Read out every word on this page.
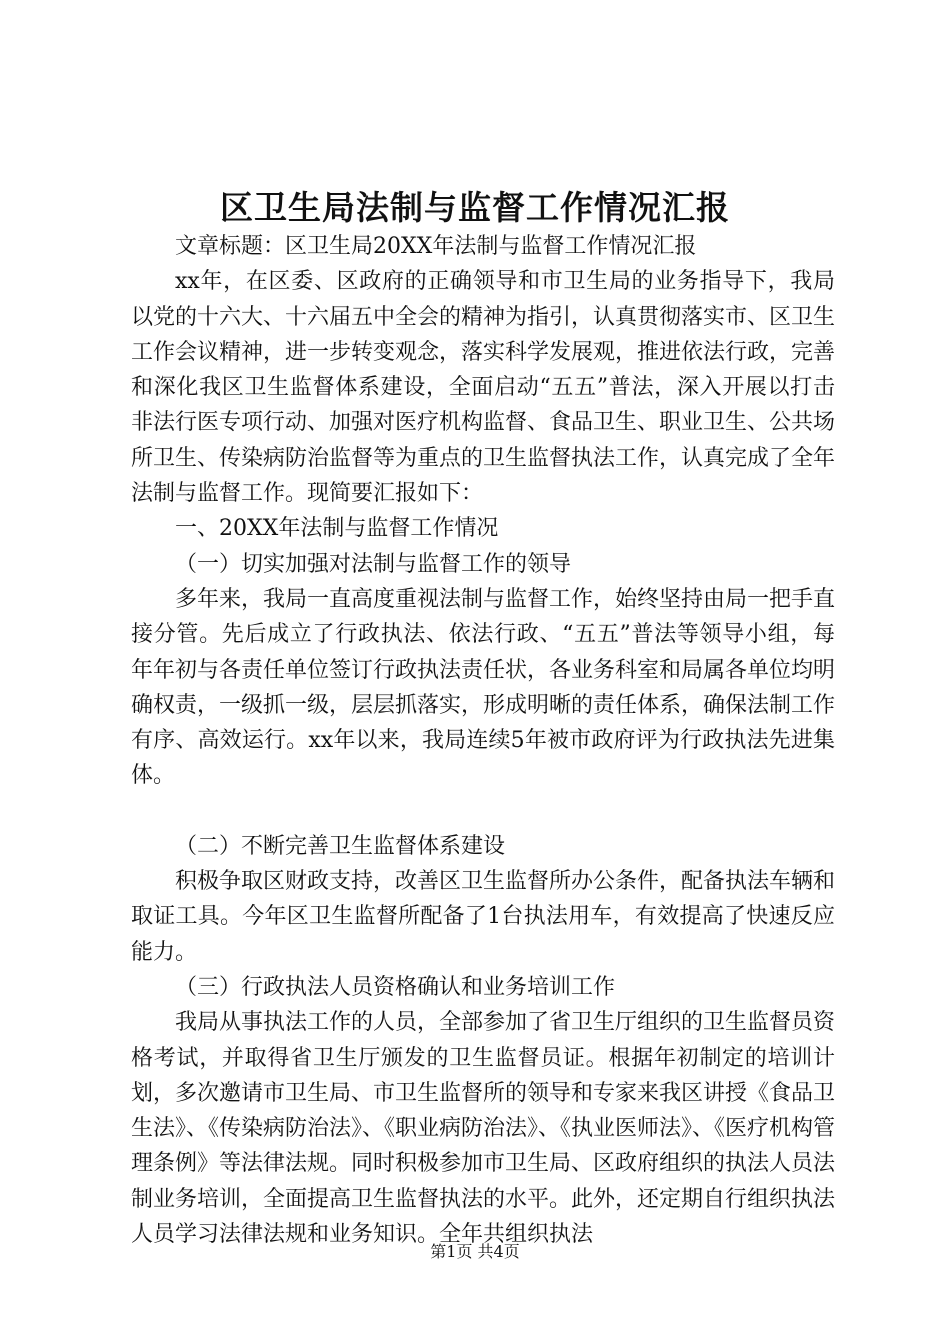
区卫生局法制与监督工作情况汇报

文章标题：区卫生局20XX年法制与监督工作情况汇报

xx年，在区委、区政府的正确领导和市卫生局的业务指导下，我局以党的十六大、十六届五中全会的精神为指引，认真贯彻落实市、区卫生工作会议精神，进一步转变观念，落实科学发展观，推进依法行政，完善和深化我区卫生监督体系建设，全面启动“五五”普法，深入开展以打击非法行医专项行动、加强对医疗机构监督、食品卫生、职业卫生、公共场所卫生、传染病防治监督等为重点的卫生监督执法工作，认真完成了全年法制与监督工作。现简要汇报如下：

一、20XX年法制与监督工作情况

（一）切实加强对法制与监督工作的领导

多年来，我局一直高度重视法制与监督工作，始终坚持由局一把手直接分管。先后成立了行政执法、依法行政、“五五”普法等领导小组，每年年初与各责任单位签订行政执法责任状，各业务科室和局属各单位均明确权责，一级抓一级，层层抓落实，形成明晰的责任体系，确保法制工作有序、高效运行。xx年以来，我局连续5年被市政府评为行政执法先进集体。

（二）不断完善卫生监督体系建设

积极争取区财政支持，改善区卫生监督所办公条件，配备执法车辆和取证工具。今年区卫生监督所配备了1台执法用车，有效提高了快速反应能力。

（三）行政执法人员资格确认和业务培训工作

我局从事执法工作的人员，全部参加了省卫生厅组织的卫生监督员资格考试，并取得省卫生厅颁发的卫生监督员证。根据年初制定的培训计划，多次邀请市卫生局、市卫生监督所的领导和专家来我区讲授《食品卫生法》、《传染病防治法》、《职业病防治法》、《执业医师法》、《医疗机构管理条例》等法律法规。同时积极参加市卫生局、区政府组织的执法人员法制业务培训，全面提高卫生监督执法的水平。此外，还定期自行组织执法人员学习法律法规和业务知识。全年共组织执法

第1页 共4页
